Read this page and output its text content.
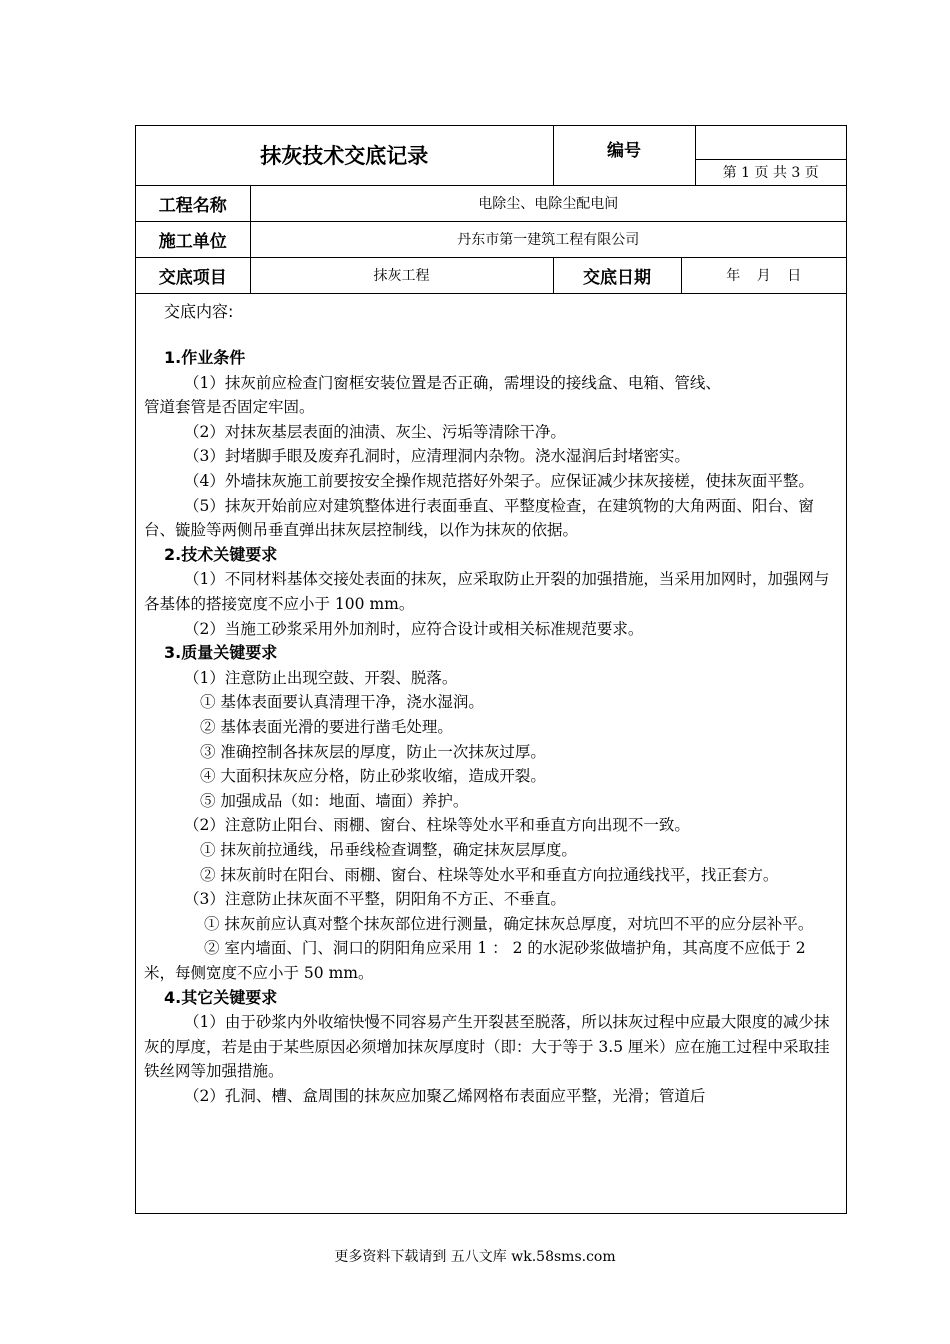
抹灰技术交底记录		编号		
				第 1 页 共 3 页
工程名称	电除尘、电除尘配电间			
施工单位	丹东市第一建筑工程有限公司			
交底项目	抹灰工程	交底日期	年 月 日	

交底内容:

1.作业条件

（1）抹灰前应检查门窗框安装位置是否正确，需埋设的接线盒、电箱、管线、

管道套管是否固定牢固。

（2）对抹灰基层表面的油渍、灰尘、污垢等清除干净。

（3）封堵脚手眼及废弃孔洞时，应清理洞内杂物。浇水湿润后封堵密实。

（4）外墙抹灰施工前要按安全操作规范搭好外架子。应保证减少抹灰接槎，使抹灰面平整。

（5）抹灰开始前应对建筑整体进行表面垂直、平整度检查，在建筑物的大角两面、阳台、窗台、镟脸等两侧吊垂直弹出抹灰层控制线，以作为抹灰的依据。

2.技术关键要求

（1）不同材料基体交接处表面的抹灰，应采取防止开裂的加强措施，当采用加网时，加强网与各基体的搭接宽度不应小于 100 mm。

（2）当施工砂浆采用外加剂时，应符合设计或相关标准规范要求。

3.质量关键要求

（1）注意防止出现空鼓、开裂、脱落。

① 基体表面要认真清理干净，浇水湿润。

② 基体表面光滑的要进行凿毛处理。

③ 准确控制各抹灰层的厚度，防止一次抹灰过厚。

④ 大面积抹灰应分格，防止砂浆收缩，造成开裂。

⑤ 加强成品（如：地面、墙面）养护。

（2）注意防止阳台、雨棚、窗台、柱垛等处水平和垂直方向出现不一致。

① 抹灰前拉通线，吊垂线检查调整，确定抹灰层厚度。

② 抹灰前时在阳台、雨棚、窗台、柱垛等处水平和垂直方向拉通线找平，找正套方。

（3）注意防止抹灰面不平整，阴阳角不方正、不垂直。

① 抹灰前应认真对整个抹灰部位进行测量，确定抹灰总厚度，对坑凹不平的应分层补平。

② 室内墙面、门、洞口的阴阳角应采用 1 ： 2 的水泥砂浆做墙护角，其高度不应低于 2 米，每侧宽度不应小于 50 mm。

4.其它关键要求

（1）由于砂浆内外收缩快慢不同容易产生开裂甚至脱落，所以抹灰过程中应最大限度的减少抹灰的厚度，若是由于某些原因必须增加抹灰厚度时（即：大于等于 3.5 厘米）应在施工过程中采取挂铁丝网等加强措施。

（2）孔洞、槽、盒周围的抹灰应加聚乙烯网格布表面应平整，光滑；管道后

更多资料下载请到 五八文库 wk.58sms.com
